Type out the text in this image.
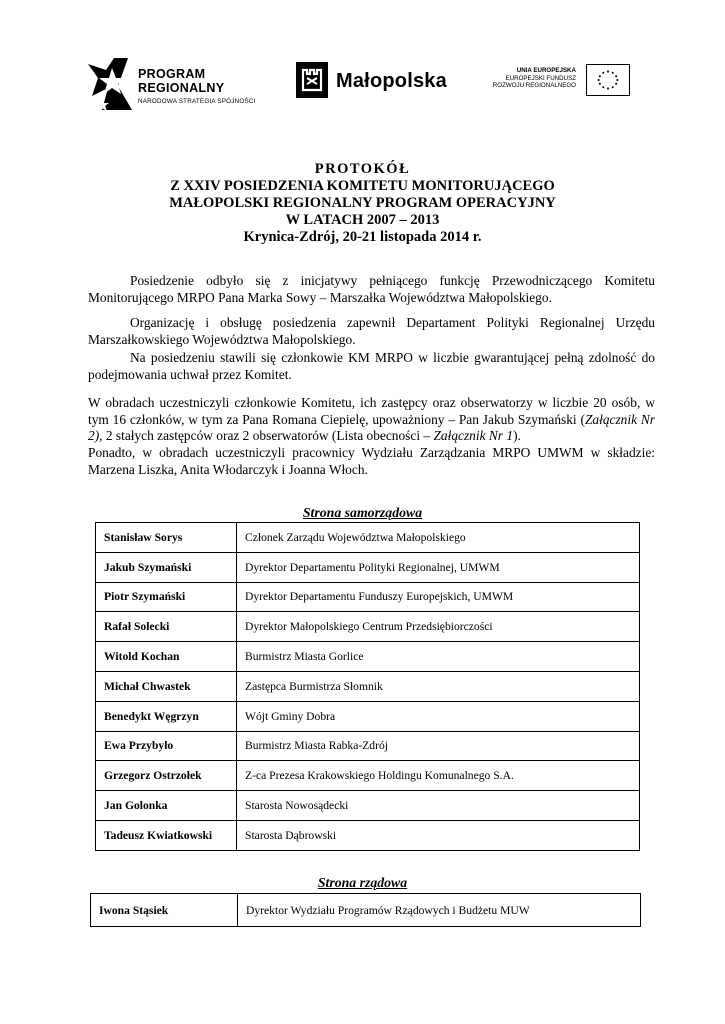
PROGRAM
REGIONALNY
NARODOWA STRATEGIA SPÓJNOŚCI
Małopolska	UNIA EUROPEJSKA
EUROPEJSKI FUNDUSZ
ROZWOJU REGIONALNEGO
PROTOKÓŁ
Z XXIV POSIEDZENIA KOMITETU MONITORUJĄCEGO
MAŁOPOLSKI REGIONALNY PROGRAM OPERACYJNY
W LATACH 2007 – 2013
Krynica-Zdrój, 20-21 listopada 2014 r.
Posiedzenie odbyło się z inicjatywy pełniącego funkcję Przewodniczącego Komitetu Monitorującego MRPO Pana Marka Sowy – Marszałka Województwa Małopolskiego.
Organizację i obsługę posiedzenia zapewnił Departament Polityki Regionalnej Urzędu Marszałkowskiego Województwa Małopolskiego.
Na posiedzeniu stawili się członkowie KM MRPO w liczbie gwarantującej pełną zdolność do podejmowania uchwał przez Komitet.
W obradach uczestniczyli członkowie Komitetu, ich zastępcy oraz obserwatorzy w liczbie 20 osób, w tym 16 członków, w tym za Pana Romana Ciepielę, upoważniony – Pan Jakub Szymański (Załącznik Nr 2), 2 stałych zastępców oraz 2 obserwatorów (Lista obecności – Załącznik Nr 1).
Ponadto, w obradach uczestniczyli pracownicy Wydziału Zarządzania MRPO UMWM w składzie: Marzena Liszka, Anita Włodarczyk i Joanna Włoch.
Strona samorządowa
Stanisław Sorys	Członek Zarządu Województwa Małopolskiego
Jakub Szymański	Dyrektor Departamentu Polityki Regionalnej, UMWM
Piotr Szymański	Dyrektor Departamentu Funduszy Europejskich, UMWM
Rafał Solecki	Dyrektor Małopolskiego Centrum Przedsiębiorczości
Witold Kochan	Burmistrz Miasta Gorlice
Michał Chwastek	Zastępca Burmistrza Słomnik
Benedykt Węgrzyn	Wójt Gminy Dobra
Ewa Przybyło	Burmistrz Miasta Rabka-Zdrój
Grzegorz Ostrzołek	Z-ca Prezesa Krakowskiego Holdingu Komunalnego S.A.
Jan Golonka	Starosta Nowosądecki
Tadeusz Kwiatkowski	Starosta Dąbrowski
Strona rządowa
Iwona Stąsiek	Dyrektor Wydziału Programów Rządowych i Budżetu MUW
